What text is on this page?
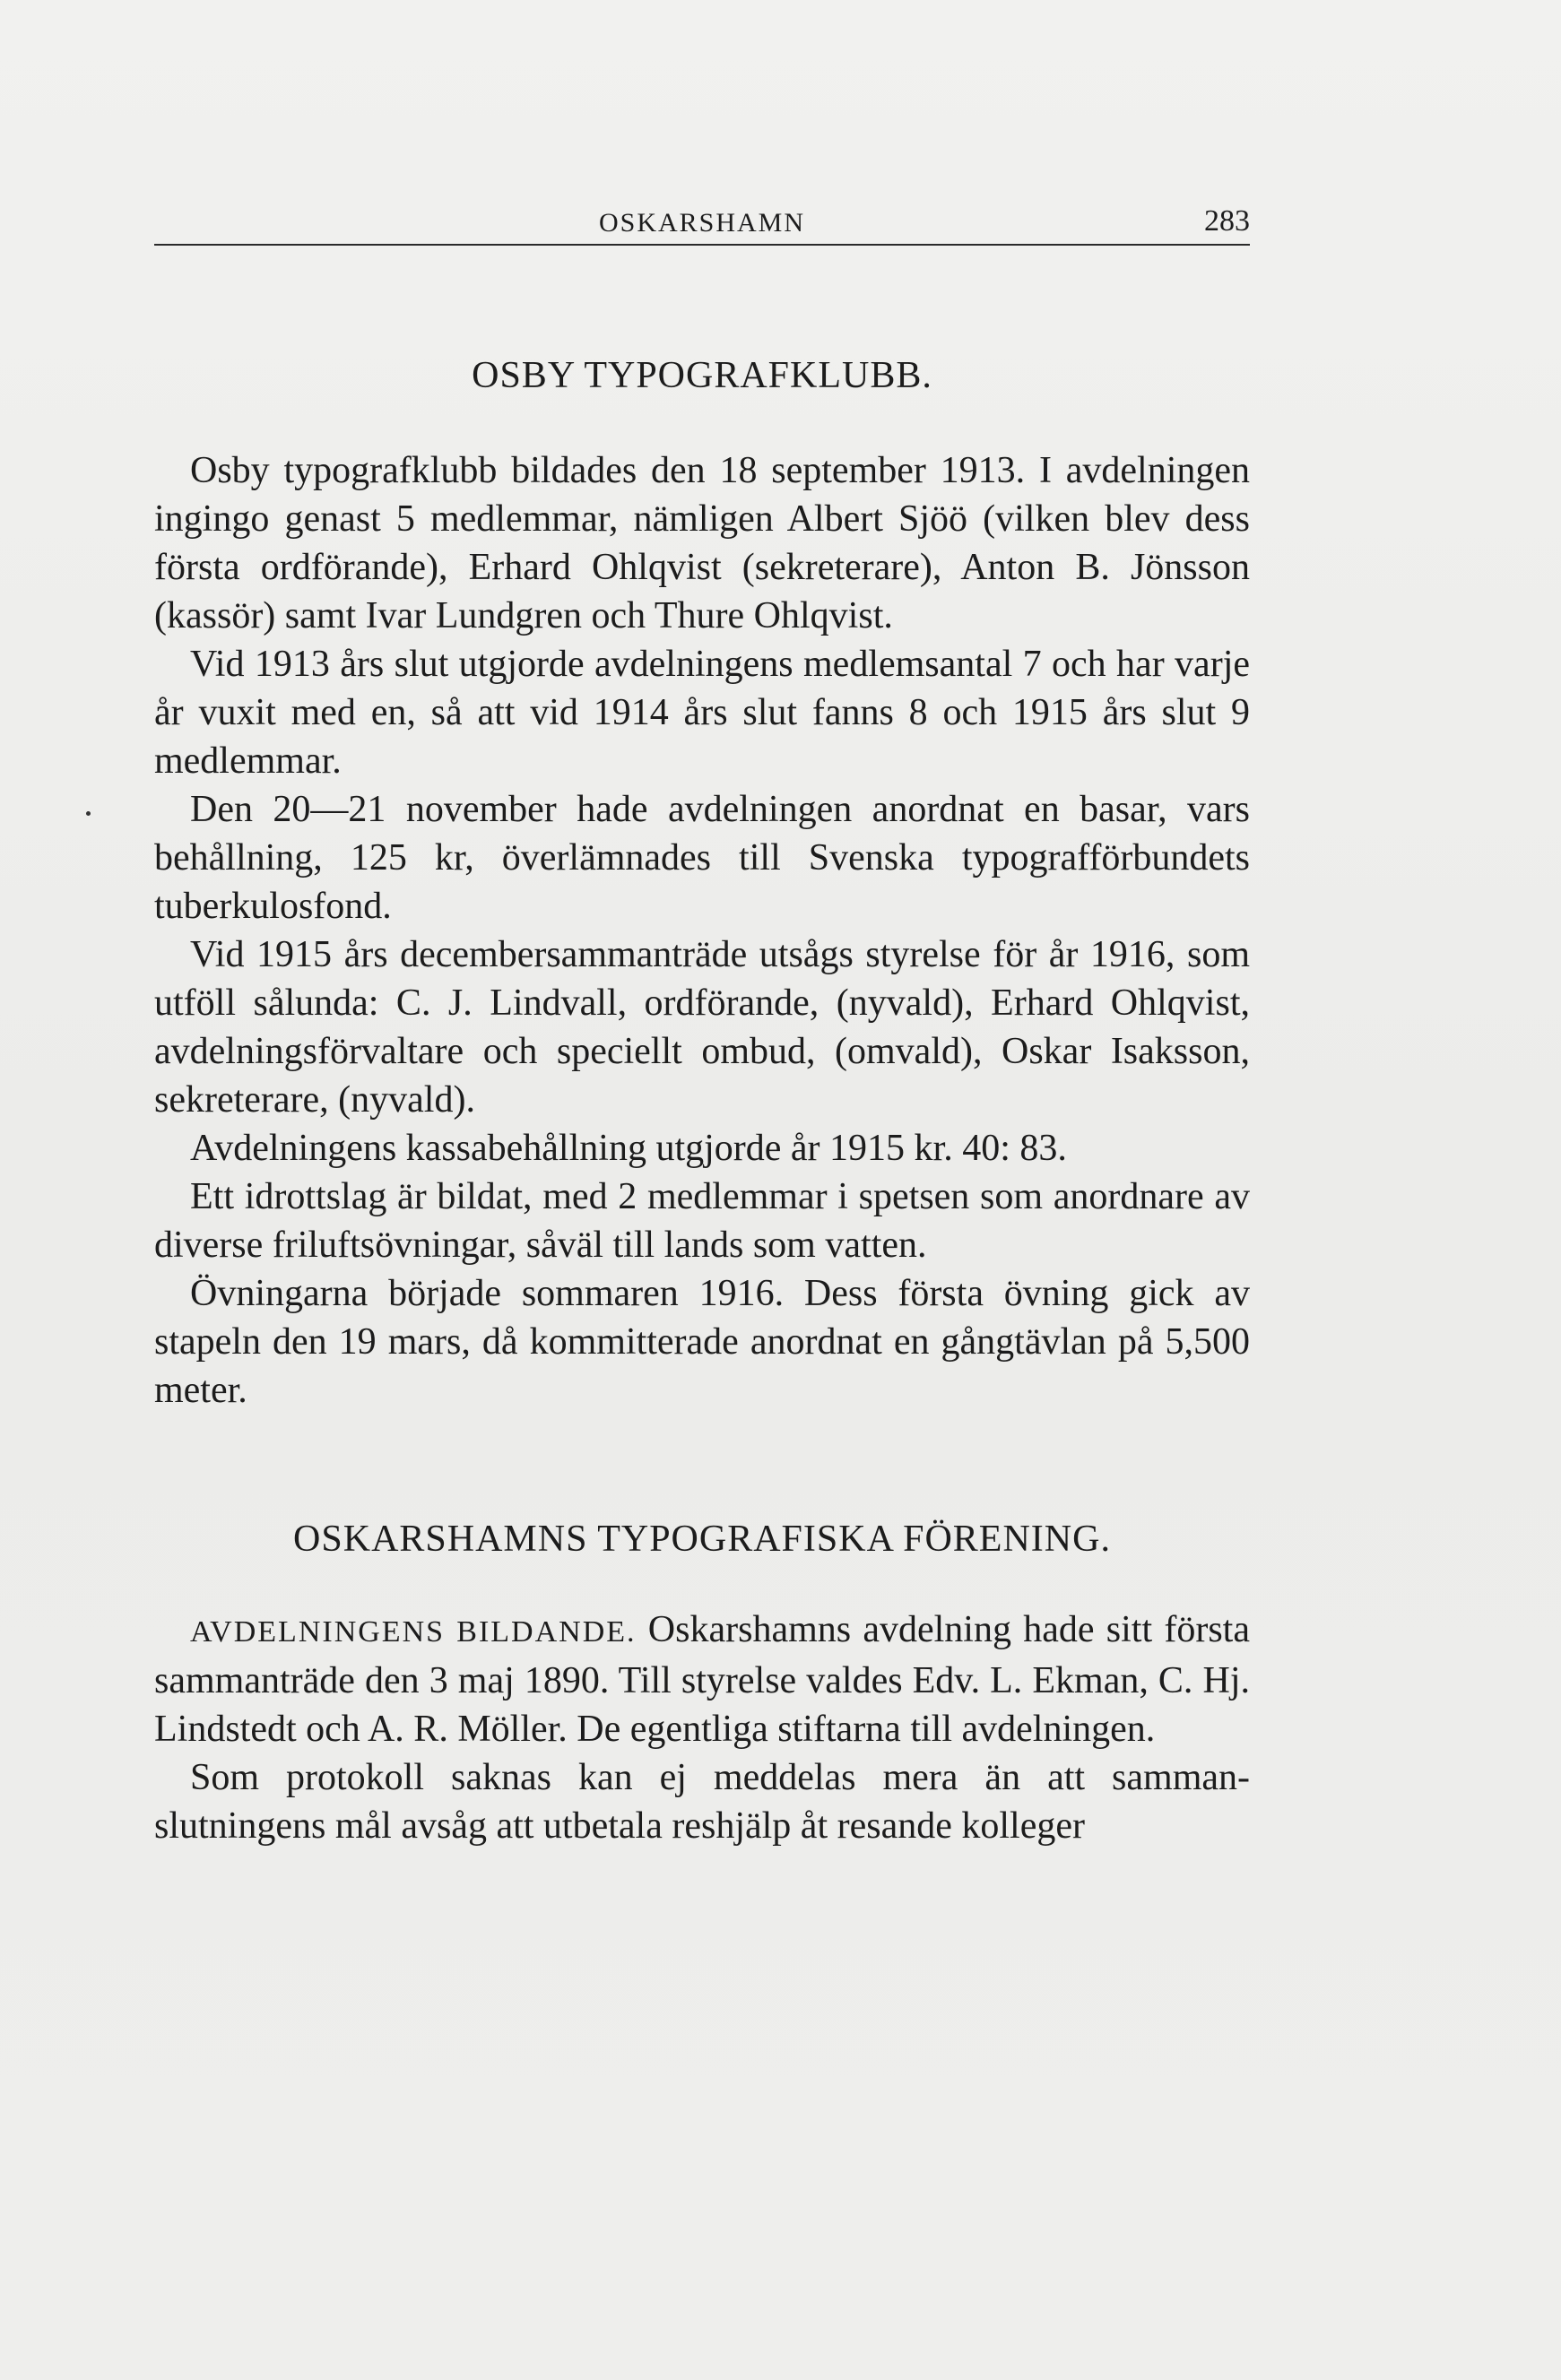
OSKARSHAMN	283
OSBY TYPOGRAFKLUBB.

Osby typografklubb bildades den 18 september 1913. I avdelningen ingingo genast 5 medlemmar, nämligen Albert Sjöö (vilken blev dess första ordförande), Erhard Ohlqvist (sekreterare), Anton B. Jönsson (kassör) samt Ivar Lundgren och Thure Ohlqvist.

Vid 1913 års slut utgjorde avdelningens medlemsantal 7 och har varje år vuxit med en, så att vid 1914 års slut fanns 8 och 1915 års slut 9 medlemmar.

Den 20—21 november hade avdelningen anordnat en basar, vars behållning, 125 kr, överlämnades till Svenska typografförbundets tuberkulosfond.

Vid 1915 års decembersammanträde utsågs styrelse för år 1916, som utföll sålunda: C. J. Lindvall, ordförande, (nyvald), Erhard Ohlqvist, avdelningsförvaltare och speciellt ombud, (omvald), Oskar Isaksson, sekreterare, (nyvald).

Avdelningens kassabehållning utgjorde år 1915 kr. 40: 83.

Ett idrottslag är bildat, med 2 medlemmar i spetsen som anordnare av diverse friluftsövningar, såväl till lands som vatten.

Övningarna började sommaren 1916. Dess första övning gick av stapeln den 19 mars, då kommitterade anordnat en gångtävlan på 5,500 meter.

OSKARSHAMNS TYPOGRAFISKA FÖRENING.

AVDELNINGENS BILDANDE. Oskarshamns avdelning hade sitt första sammanträde den 3 maj 1890. Till styrelse valdes Edv. L. Ekman, C. Hj. Lindstedt och A. R. Möller. De egentliga stiftarna till avdelningen.

Som protokoll saknas kan ej meddelas mera än att sammanslutningens mål avsåg att utbetala reshjälp åt resande kolleger
